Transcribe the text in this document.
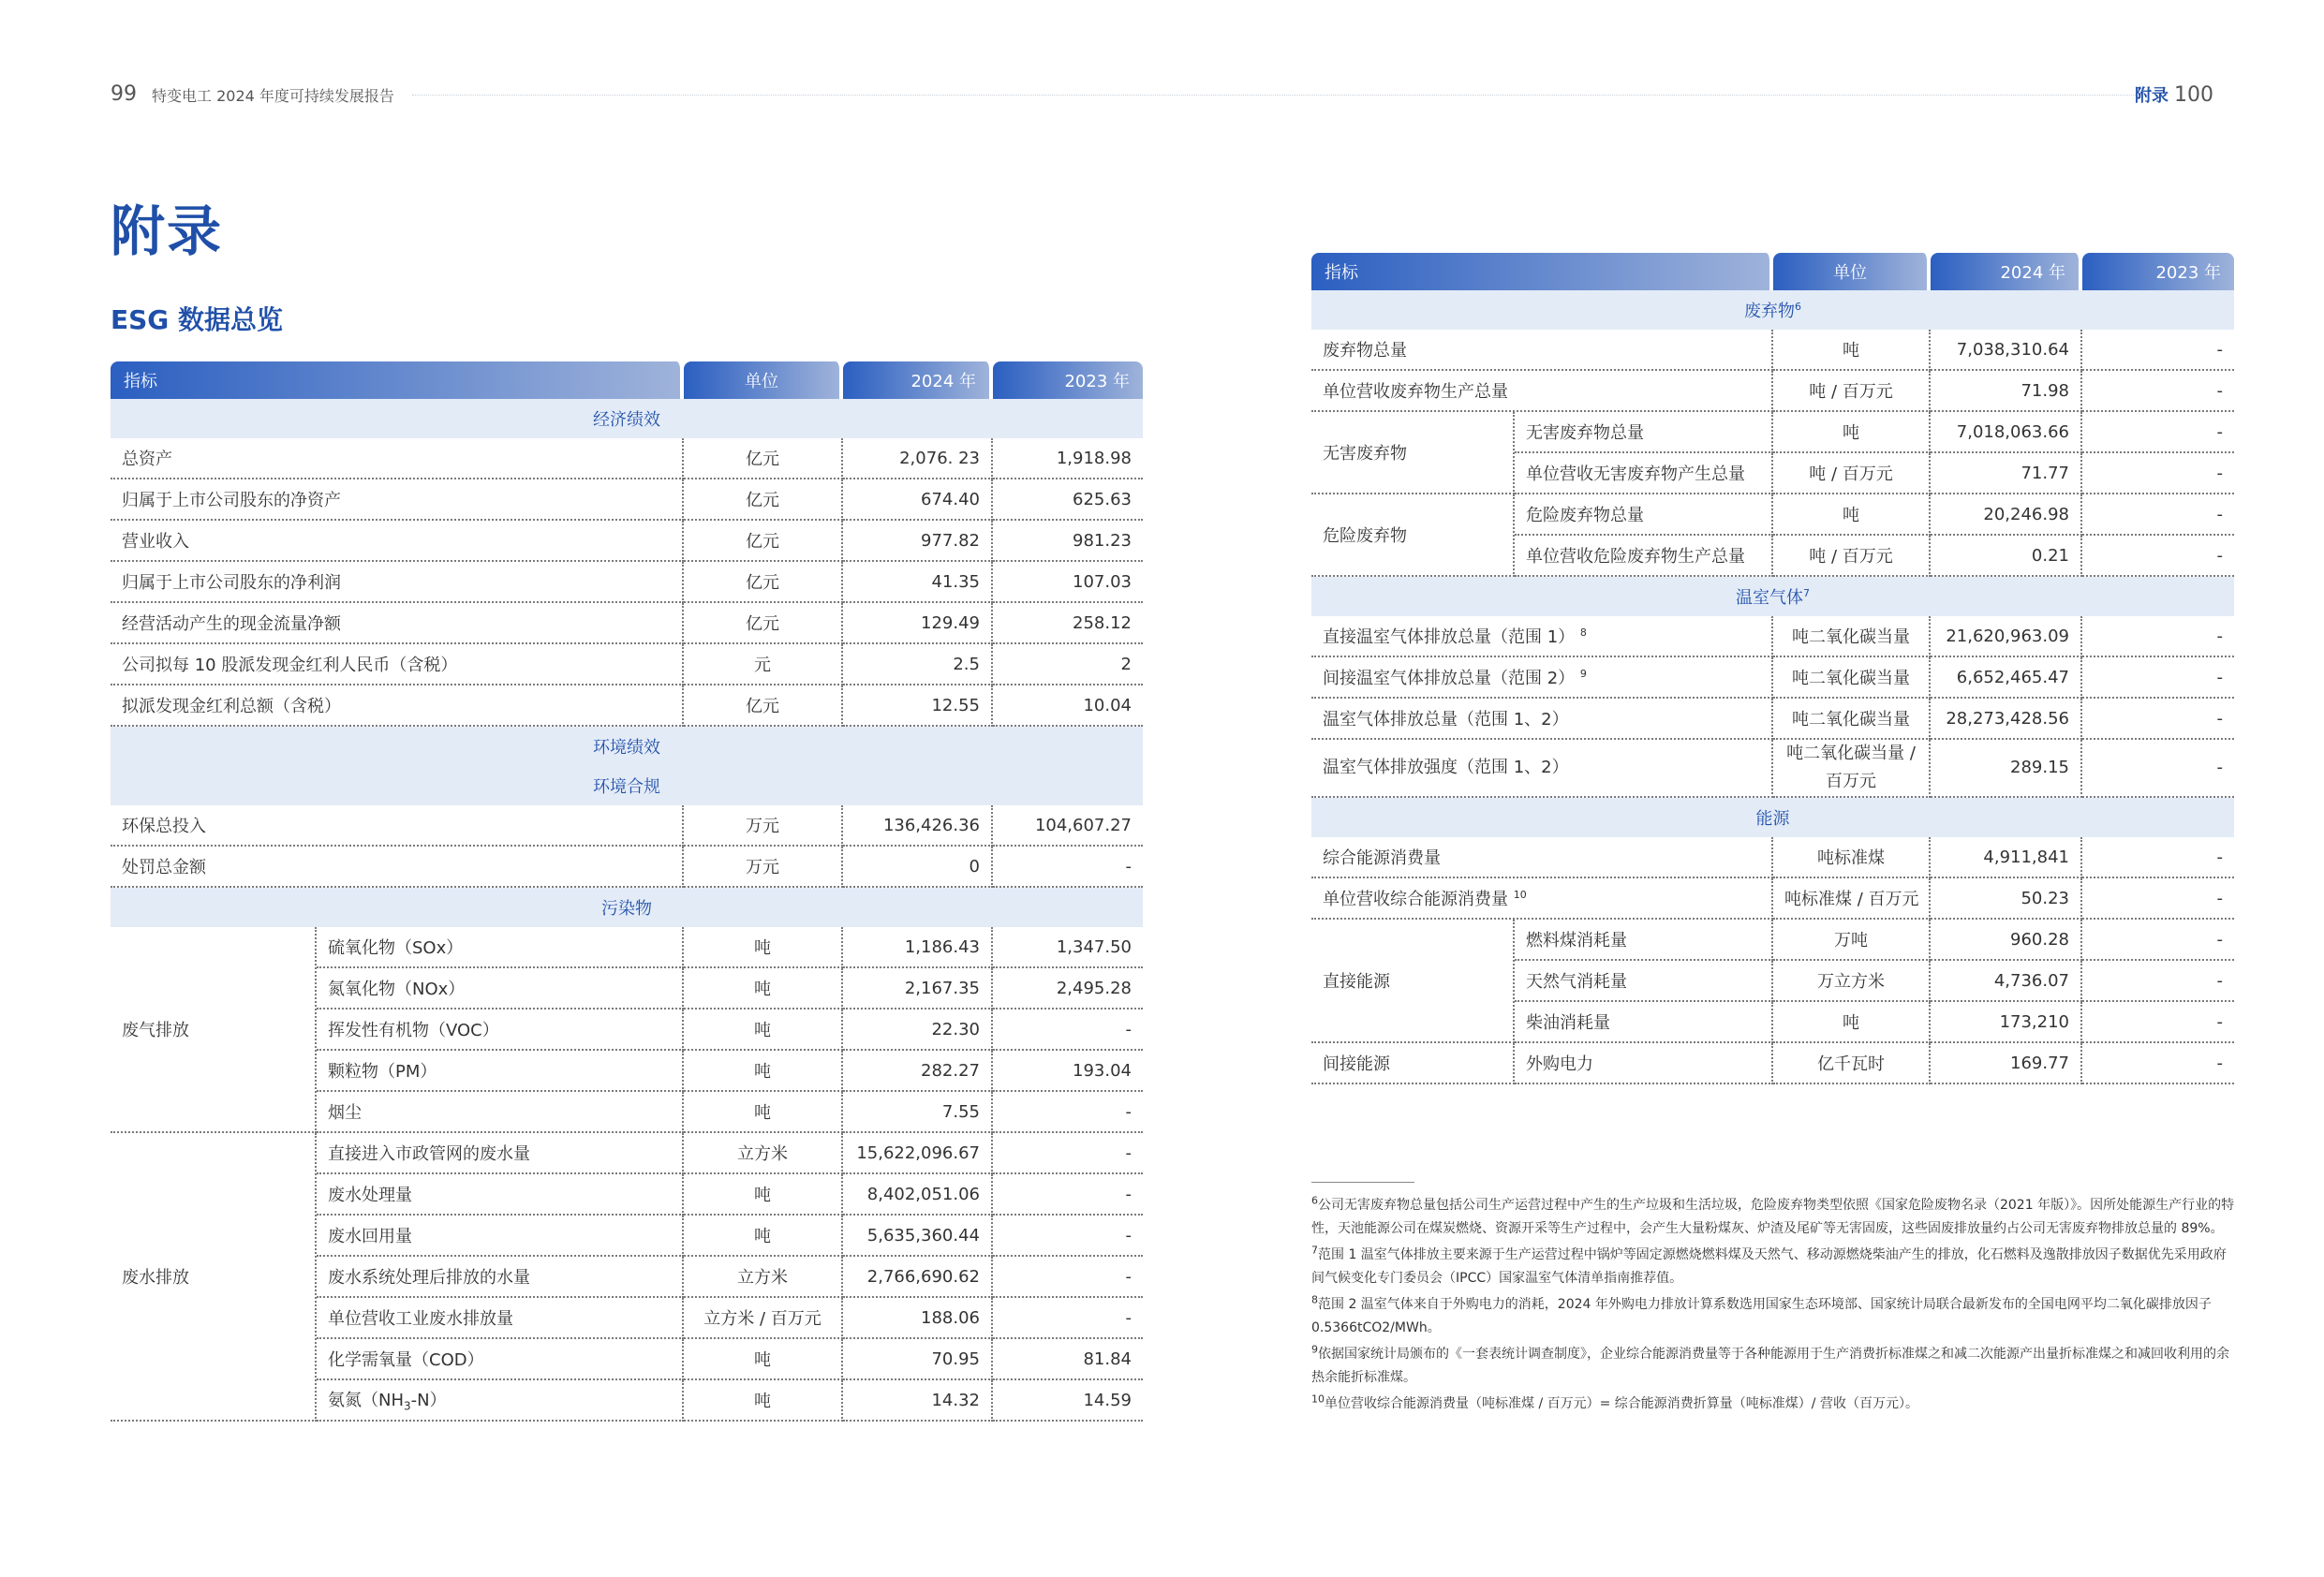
99 特变电工 2024 年度可持续发展报告	附录 100
附录
ESG 数据总览
指标		单位	2024 年	2023 年
经济绩效				
总资产		亿元	2,076. 23	1,918.98
归属于上市公司股东的净资产		亿元	674.40	625.63
营业收入		亿元	977.82	981.23
归属于上市公司股东的净利润		亿元	41.35	107.03
经营活动产生的现金流量净额		亿元	129.49	258.12
公司拟每 10 股派发现金红利人民币（含税）		元	2.5	2
拟派发现金红利总额（含税）		亿元	12.55	10.04
环境绩效				
环境合规				
环保总投入		万元	136,426.36	104,607.27
处罚总金额		万元	0	-
污染物				
废气排放	硫氧化物（SOx）	吨	1,186.43	1,347.50
	氮氧化物（NOx）	吨	2,167.35	2,495.28
	挥发性有机物（VOC）	吨	22.30	-
	颗粒物（PM）	吨	282.27	193.04
	烟尘	吨	7.55	-
废水排放	直接进入市政管网的废水量	立方米	15,622,096.67	-
	废水处理量	吨	8,402,051.06	-
	废水回用量	吨	5,635,360.44	-
	废水系统处理后排放的水量	立方米	2,766,690.62	-
	单位营收工业废水排放量	立方米 / 百万元	188.06	-
	化学需氧量（COD）	吨	70.95	81.84
	氨氮$(NH_3-N)$	吨	14.32	14.59
指标		单位	2024 年	2023 年
废弃物$^6$
废弃物总量		吨	7,038,310.64	-
单位营收废弃物生产总量		吨 / 百万元	71.98	-
无害废弃物	无害废弃物总量	吨	7,018,063.66	-
	单位营收无害废弃物产生总量	吨 / 百万元	71.77	-
危险废弃物	危险废弃物总量	吨	20,246.98	-
	单位营收危险废弃物生产总量	吨 / 百万元	0.21	-
温室气体$^7$
直接温室气体排放总量（范围 1） $^8$		吨二氧化碳当量	21,620,963.09	-
间接温室气体排放总量（范围 2） $^9$		吨二氧化碳当量	6,652,465.47	-
温室气体排放总量（范围 1、2）		吨二氧化碳当量	28,273,428.56	-
温室气体排放强度（范围 1、2）		吨二氧化碳当量 /
百万元	289.15	-
能源				
综合能源消费量		吨标准煤	4,911,841	-
单位营收综合能源消费量 $^{10}$		吨标准煤 / 百万元	50.23	-
直接能源	燃料煤消耗量	万吨	960.28	-
	天然气消耗量	万立方米	4,736.07	-
	柴油消耗量	吨	173,210	-
间接能源	外购电力	亿千瓦时	169.77	-

$^6$公司无害废弃物总量包括公司生产运营过程中产生的生产垃圾和生活垃圾，危险废弃物类型依照《国家危险废物名录（2021 年版）》。因所处能源生产行业的特性，天池能源公司在煤炭燃烧、资源开采等生产过程中，会产生大量粉煤灰、炉渣及尾矿等无害固废，这些固废排放量约占公司无害废弃物排放总量的 89%。

$^7$范围 1 温室气体排放主要来源于生产运营过程中锅炉等固定源燃烧燃料煤及天然气、移动源燃烧柴油产生的排放，化石燃料及逸散排放因子数据优先采用政府间气候变化专门委员会（IPCC）国家温室气体清单指南推荐值。

$^8$范围 2 温室气体来自于外购电力的消耗，2024 年外购电力排放计算系数选用国家生态环境部、国家统计局联合最新发布的全国电网平均二氧化碳排放因子 0.5366tCO2/MWh。

$^9$依据国家统计局颁布的《一套表统计调查制度》，企业综合能源消费量等于各种能源用于生产消费折标准煤之和减二次能源产出量折标准煤之和减回收利用的余热余能折标准煤。

$^{10}$单位营收综合能源消费量（吨标准煤 / 百万元）= 综合能源消费折算量（吨标准煤）/ 营收（百万元）。
